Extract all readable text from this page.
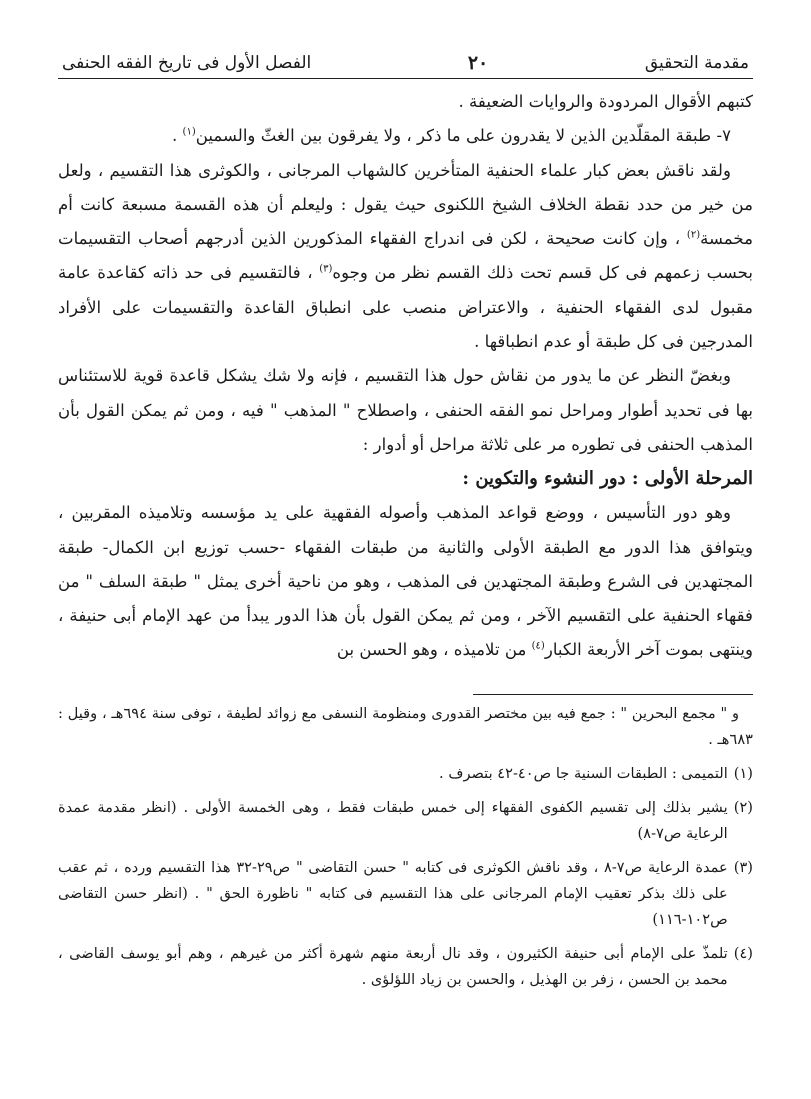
مقدمة التحقيق
٢٠
الفصل الأول فى تاريخ الفقه الحنفى

كتبهم الأقوال المردودة والروايات الضعيفة .

٧- طبقة المقلّدين الذين لا يقدرون على ما ذكر ، ولا يفرقون بين الغثّ والسمين$^{(١)}$ .

ولقد ناقش بعض كبار علماء الحنفية المتأخرين كالشهاب المرجانى ، والكوثرى هذا التقسيم ، ولعل من خير من حدد نقطة الخلاف الشيخ اللكنوى حيث يقول : وليعلم أن هذه القسمة مسبعة كانت أم مخمسة$^{(٢)}$ ، وإن كانت صحيحة ، لكن فى اندراج الفقهاء المذكورين الذين أدرجهم أصحاب التقسيمات بحسب زعمهم فى كل قسم تحت ذلك القسم نظر من وجوه$^{(٣)}$ ، فالتقسيم فى حد ذاته كقاعدة عامة مقبول لدى الفقهاء الحنفية ، والاعتراض منصب على انطباق القاعدة والتقسيمات على الأفراد المدرجين فى كل طبقة أو عدم انطباقها .

وبغضّ النظر عن ما يدور من نقاش حول هذا التقسيم ، فإنه ولا شك يشكل قاعدة قوية للاستئناس بها فى تحديد أطوار ومراحل نمو الفقه الحنفى ، واصطلاح " المذهب " فيه ، ومن ثم يمكن القول بأن المذهب الحنفى فى تطوره مر على ثلاثة مراحل أو أدوار :

المرحلة الأولى : دور النشوء والتكوين :

وهو دور التأسيس ، ووضع قواعد المذهب وأصوله الفقهية على يد مؤسسه وتلاميذه المقربين ، ويتوافق هذا الدور مع الطبقة الأولى والثانية من طبقات الفقهاء -حسب توزيع ابن الكمال- طبقة المجتهدين فى الشرع وطبقة المجتهدين فى المذهب ، وهو من ناحية أخرى يمثل " طبقة السلف " من فقهاء الحنفية على التقسيم الآخر ، ومن ثم يمكن القول بأن هذا الدور يبدأ من عهد الإمام أبى حنيفة ، وينتهى بموت آخر الأربعة الكبار$^{(٤)}$ من تلاميذه ، وهو الحسن بن

و " مجمع البحرين " : جمع فيه بين مختصر القدورى ومنظومة النسفى مع زوائد لطيفة ، توفى سنة ٦٩٤هـ ، وقيل : ٦٨٣هـ .

(١)
التميمى : الطبقات السنية جا ص٤٠-٤٢ بتصرف .
(٢)
يشير بذلك إلى تقسيم الكفوى الفقهاء إلى خمس طبقات فقط ، وهى الخمسة الأولى . (انظر مقدمة عمدة الرعاية ص٧-٨)
(٣)
عمدة الرعاية ص٧-٨ ، وقد ناقش الكوثرى فى كتابه " حسن التقاضى " ص٢٩-٣٢ هذا التقسيم ورده ، ثم عقب على ذلك بذكر تعقيب الإمام المرجانى على هذا التقسيم فى كتابه " ناظورة الحق " . (انظر حسن التقاضى ص١٠٢-١١٦)
(٤)
تلمذّ على الإمام أبى حنيفة الكثيرون ، وقد نال أربعة منهم شهرة أكثر من غيرهم ، وهم أبو يوسف القاضى ، محمد بن الحسن ، زفر بن الهذيل ، والحسن بن زياد اللؤلؤى .
